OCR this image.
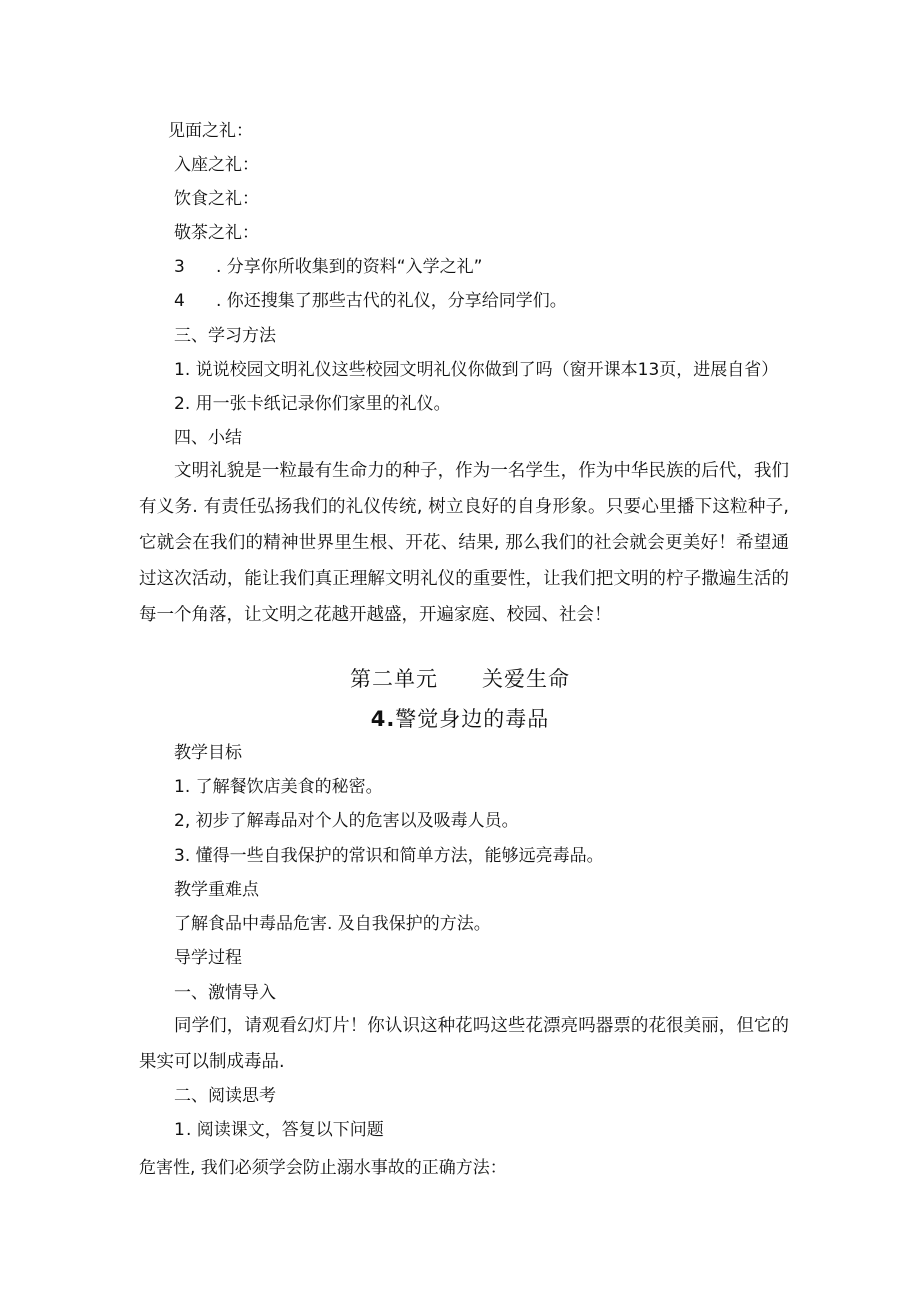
见面之礼：
入座之礼：
饮食之礼：
敬茶之礼：
3 . 分享你所收集到的资料“入学之礼”
4 . 你还搜集了那些古代的礼仪，分享给同学们。
三、学习方法
1. 说说校园文明礼仪这些校园文明礼仪你做到了吗（窗开课本13页，进展自省）
2. 用一张卡纸记录你们家里的礼仪。
四、小结
文明礼貌是一粒最有生命力的种子，作为一名学生，作为中华民族的后代，我们有义务. 有责任弘扬我们的礼仪传统, 树立良好的自身形象。只要心里播下这粒种子, 它就会在我们的精神世界里生根、开花、结果, 那么我们的社会就会更美好！希望通过这次活动，能让我们真正理解文明礼仪的重要性，让我们把文明的柠子撒遍生活的每一个角落，让文明之花越开越盛，开遍家庭、校园、社会！
第二单元 关爱生命
4.警觉身边的毒品
教学目标
1. 了解餐饮店美食的秘密。
2, 初步了解毒品对个人的危害以及吸毒人员。
3. 懂得一些自我保护的常识和简单方法，能够远亮毒品。
教学重难点
了解食品中毒品危害. 及自我保护的方法。
导学过程
一、激情导入
同学们，请观看幻灯片！你认识这种花吗这些花漂亮吗器票的花很美丽，但它的果实可以制成毒品.
二、阅读思考
1. 阅读课文，答复以下问题
危害性, 我们必须学会防止溺水事故的正确方法：
